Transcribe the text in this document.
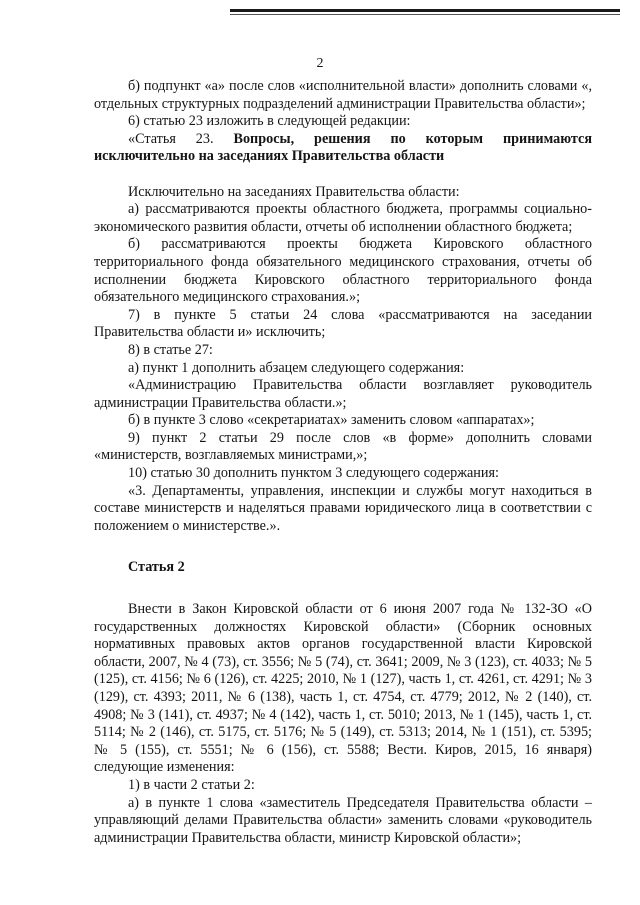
2

б) подпункт «а» после слов «исполнительной власти» дополнить словами «, отдельных структурных подразделений администрации Правительства области»;

6) статью 23 изложить в следующей редакции:

«Статья 23. Вопросы, решения по которым принимаются исключительно на заседаниях Правительства области

Исключительно на заседаниях Правительства области:

а) рассматриваются проекты областного бюджета, программы социально-экономического развития области, отчеты об исполнении областного бюджета;

б) рассматриваются проекты бюджета Кировского областного территориального фонда обязательного медицинского страхования, отчеты об исполнении бюджета Кировского областного территориального фонда обязательного медицинского страхования.»;

7) в пункте 5 статьи 24 слова «рассматриваются на заседании Правительства области и» исключить;

8) в статье 27:

а) пункт 1 дополнить абзацем следующего содержания:

«Администрацию Правительства области возглавляет руководитель администрации Правительства области.»;

б) в пункте 3 слово «секретариатах» заменить словом «аппаратах»;

9) пункт 2 статьи 29 после слов «в форме» дополнить словами «министерств, возглавляемых министрами,»;

10) статью 30 дополнить пунктом 3 следующего содержания:

«3. Департаменты, управления, инспекции и службы могут находиться в составе министерств и наделяться правами юридического лица в соответствии с положением о министерстве.».

Статья 2

Внести в Закон Кировской области от 6 июня 2007 года № 132-ЗО «О государственных должностях Кировской области» (Сборник основных нормативных правовых актов органов государственной власти Кировской области, 2007, № 4 (73), ст. 3556; № 5 (74), ст. 3641; 2009, № 3 (123), ст. 4033; № 5 (125), ст. 4156; № 6 (126), ст. 4225; 2010, № 1 (127), часть 1, ст. 4261, ст. 4291; № 3 (129), ст. 4393; 2011, № 6 (138), часть 1, ст. 4754, ст. 4779; 2012, № 2 (140), ст. 4908; № 3 (141), ст. 4937; № 4 (142), часть 1, ст. 5010; 2013, № 1 (145), часть 1, ст. 5114; № 2 (146), ст. 5175, ст. 5176; № 5 (149), ст. 5313; 2014, № 1 (151), ст. 5395; № 5 (155), ст. 5551; № 6 (156), ст. 5588; Вести. Киров, 2015, 16 января) следующие изменения:

1) в части 2 статьи 2:

а) в пункте 1 слова «заместитель Председателя Правительства области – управляющий делами Правительства области» заменить словами «руководитель администрации Правительства области, министр Кировской области»;
